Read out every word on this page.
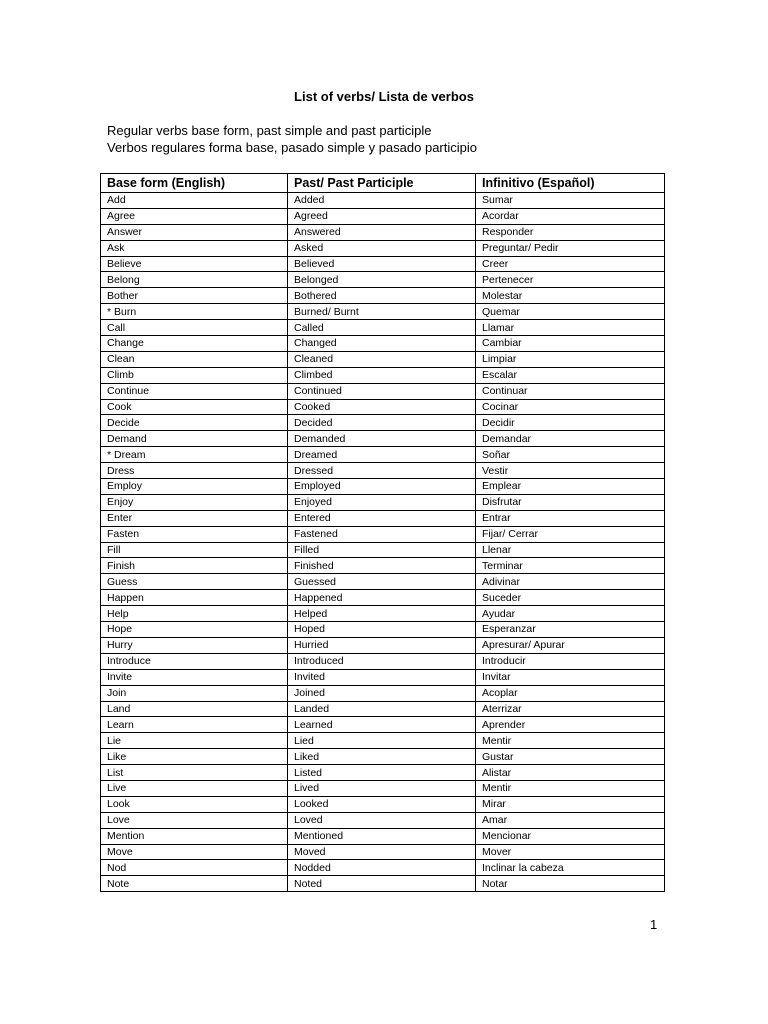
List of verbs/ Lista de verbos
Regular verbs base form, past simple and past participle
Verbos regulares forma base, pasado simple y pasado participio
Base form (English)	Past/ Past Participle	Infinitivo (Español)
Add	Added	Sumar
Agree	Agreed	Acordar
Answer	Answered	Responder
Ask	Asked	Preguntar/ Pedir
Believe	Believed	Creer
Belong	Belonged	Pertenecer
Bother	Bothered	Molestar
* Burn	Burned/ Burnt	Quemar
Call	Called	Llamar
Change	Changed	Cambiar
Clean	Cleaned	Limpiar
Climb	Climbed	Escalar
Continue	Continued	Continuar
Cook	Cooked	Cocinar
Decide	Decided	Decidir
Demand	Demanded	Demandar
* Dream	Dreamed	Soñar
Dress	Dressed	Vestir
Employ	Employed	Emplear
Enjoy	Enjoyed	Disfrutar
Enter	Entered	Entrar
Fasten	Fastened	Fijar/ Cerrar
Fill	Filled	Llenar
Finish	Finished	Terminar
Guess	Guessed	Adivinar
Happen	Happened	Suceder
Help	Helped	Ayudar
Hope	Hoped	Esperanzar
Hurry	Hurried	Apresurar/ Apurar
Introduce	Introduced	Introducir
Invite	Invited	Invitar
Join	Joined	Acoplar
Land	Landed	Aterrizar
Learn	Learned	Aprender
Lie	Lied	Mentir
Like	Liked	Gustar
List	Listed	Alistar
Live	Lived	Mentir
Look	Looked	Mirar
Love	Loved	Amar
Mention	Mentioned	Mencionar
Move	Moved	Mover
Nod	Nodded	Inclinar la cabeza
Note	Noted	Notar
1
